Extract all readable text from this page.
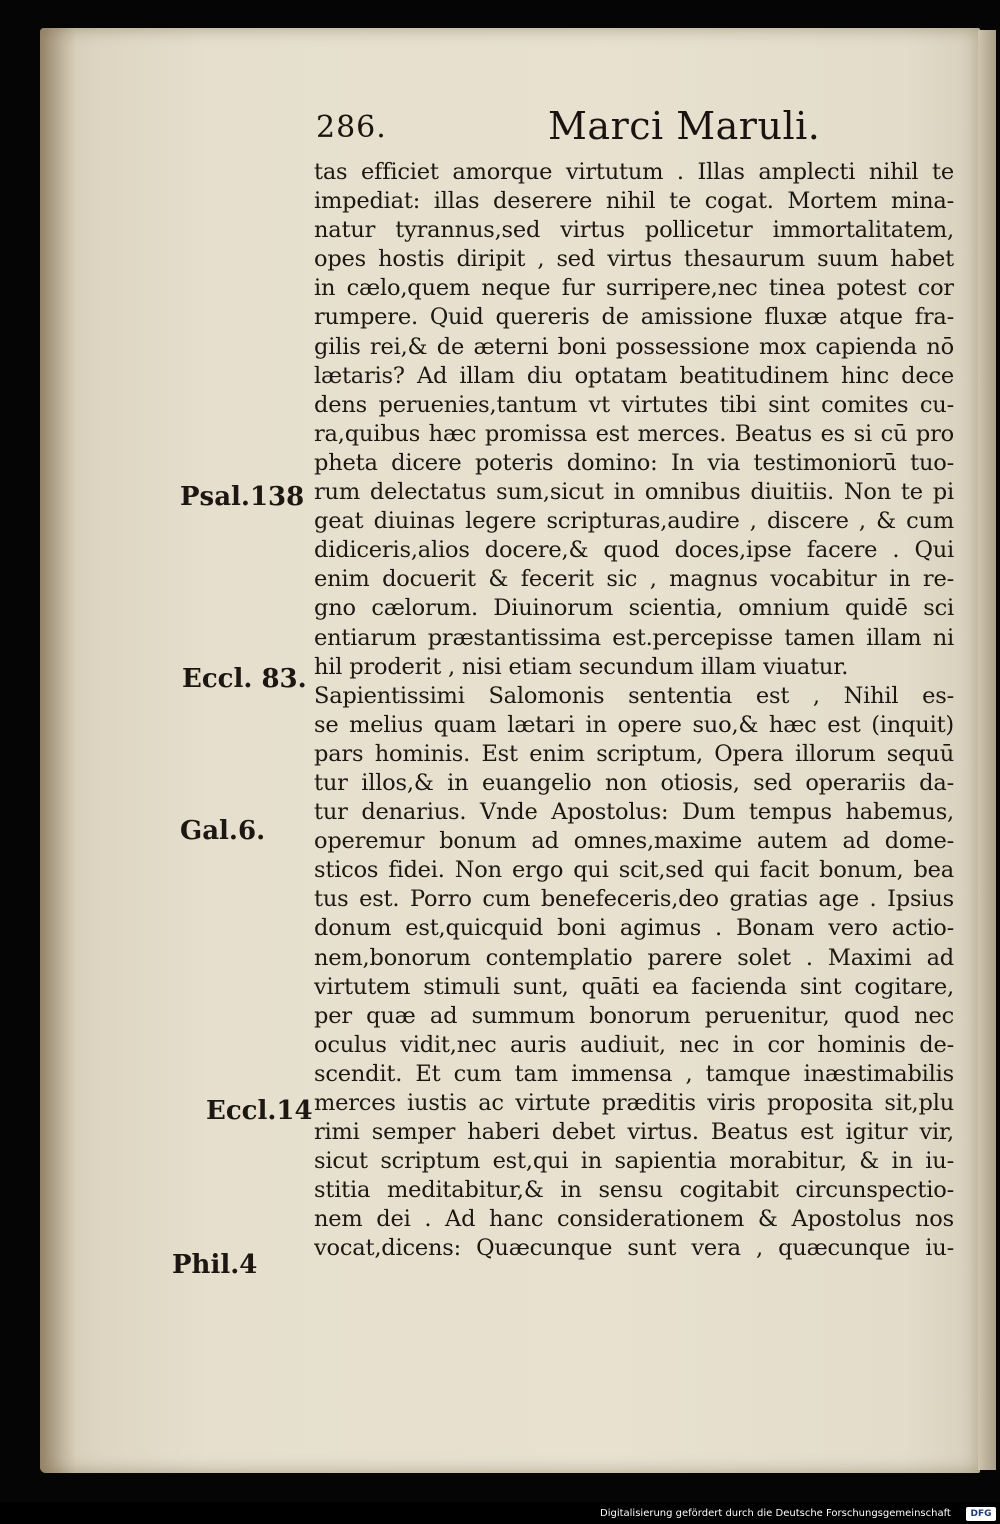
286.	Marci Maruli.
tas efficiet amorque virtutum . Illas amplecti nihil te
impediat: illas deserere nihil te cogat. Mortem mina-
natur tyrannus,sed virtus pollicetur immortalitatem,
opes hostis diripit , sed virtus thesaurum suum habet
in cælo,quem neque fur surripere,nec tinea potest cor
rumpere. Quid quereris de amissione fluxæ atque fra-
gilis rei,& de æterni boni possessione mox capienda nō
lætaris? Ad illam diu optatam beatitudinem hinc dece
dens peruenies,tantum vt virtutes tibi sint comites cu-
ra,quibus hæc promissa est merces. Beatus es si cū pro
pheta dicere poteris domino: In via testimoniorū tuo-
rum delectatus sum,sicut in omnibus diuitiis. Non te pi
geat diuinas legere scripturas,audire , discere , & cum
didiceris,alios docere,& quod doces,ipse facere . Qui
enim docuerit & fecerit sic , magnus vocabitur in re-
gno cælorum. Diuinorum scientia, omnium quidē sci
entiarum præstantissima est.percepisse tamen illam ni
hil proderit , nisi etiam secundum illam viuatur.
Sapientissimi Salomonis sententia est , Nihil es-
se melius quam lætari in opere suo,& hæc est (inquit)
pars hominis. Est enim scriptum, Opera illorum sequū
tur illos,& in euangelio non otiosis, sed operariis da-
tur denarius. Vnde Apostolus: Dum tempus habemus,
operemur bonum ad omnes,maxime autem ad dome-
sticos fidei. Non ergo qui scit,sed qui facit bonum, bea
tus est. Porro cum benefeceris,deo gratias age . Ipsius
donum est,quicquid boni agimus . Bonam vero actio-
nem,bonorum contemplatio parere solet . Maximi ad
virtutem stimuli sunt, quāti ea facienda sint cogitare,
per quæ ad summum bonorum peruenitur, quod nec
oculus vidit,nec auris audiuit, nec in cor hominis de-
scendit. Et cum tam immensa , tamque inæstimabilis
merces iustis ac virtute præditis viris proposita sit,plu
rimi semper haberi debet virtus. Beatus est igitur vir,
sicut scriptum est,qui in sapientia morabitur, & in iu-
stitia meditabitur,& in sensu cogitabit circunspectio-
nem dei . Ad hanc considerationem & Apostolus nos
vocat,dicens: Quæcunque sunt vera , quæcunque iu-
Psal.138
Eccl. 83.
Gal.6.
Eccl.14
Phil.4
Digitalisierung gefördert durch die Deutsche Forschungsgemeinschaft	DFG
